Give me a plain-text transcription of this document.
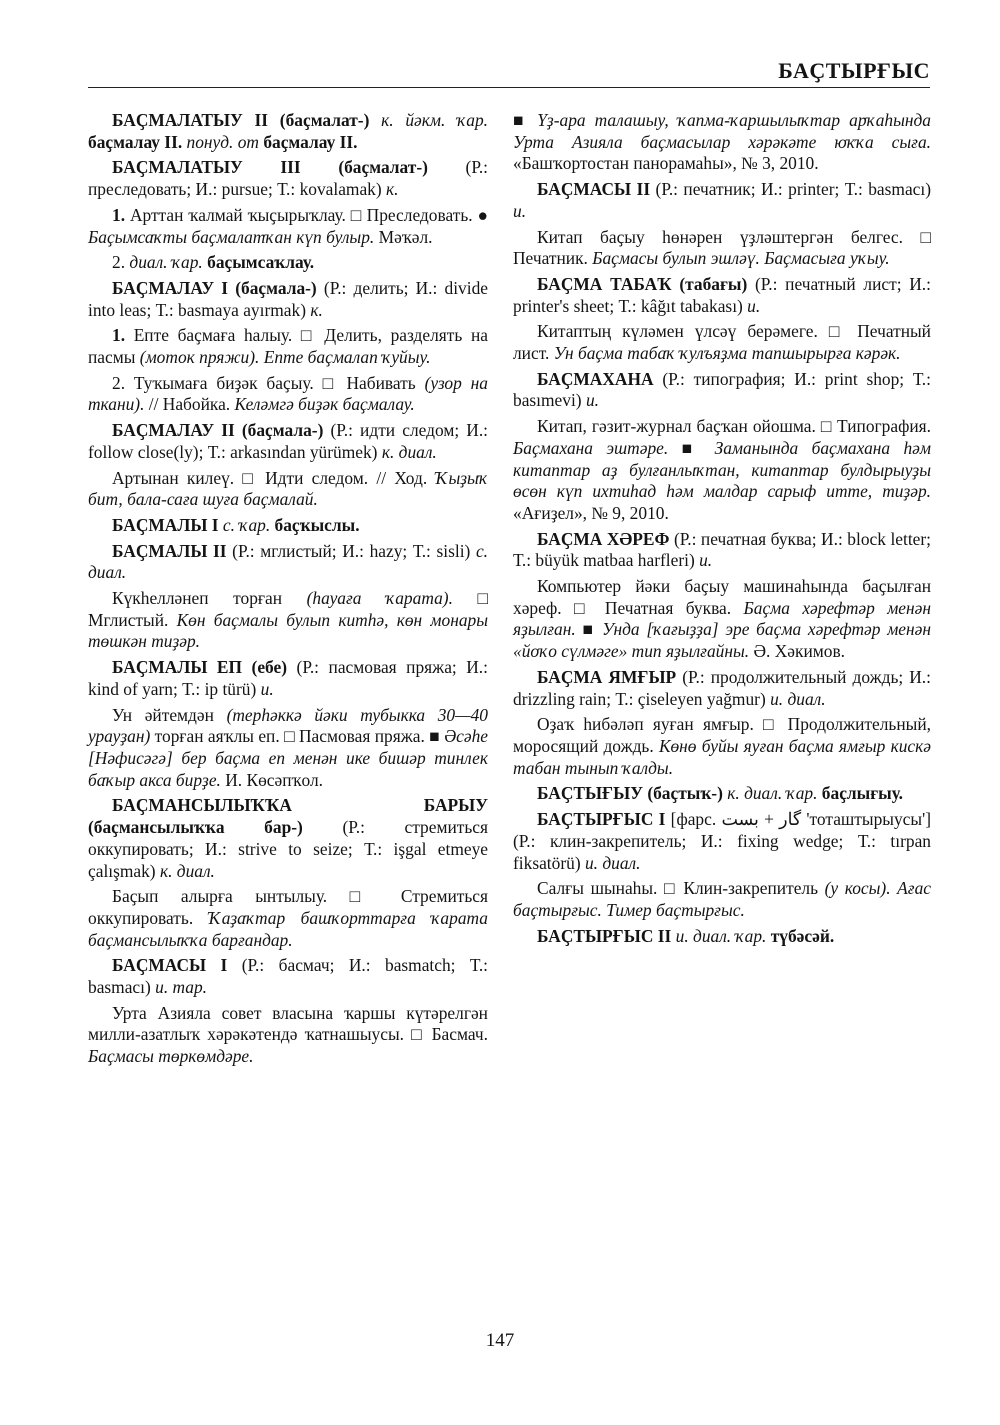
БАҪТЫРҒЫС

БАҪМАЛАТЫУ II (баҫмалат-) к. йәкм. ҡар. баҫмалау II. понуд. от баҫмалау II.

БАҪМАЛАТЫУ III (баҫмалат-) (Р.: преследовать; И.: pursue; Т.: kovalamak) к.

1. Арттан ҡалмай ҡыҫырыҡлау. □ Преследовать. ● Баҫымсаҡты баҫмалатҡан күп булыр. Мәҡәл.

2. диал. ҡар. баҫымсаҡлау.

БАҪМАЛАУ I (баҫмала-) (Р.: делить; И.: divide into leas; Т.: basmaya ayırmak) к.

1. Епте баҫмаға һалыу. □ Делить, разделять на пасмы (моток пряжи). Епте баҫмалап ҡуйыу.

2. Туҡымаға биҙәк баҫыу. □ Набивать (узор на ткани). // Набойка. Келәмгә биҙәк баҫмалау.

БАҪМАЛАУ II (баҫмала-) (Р.: идти следом; И.: follow close(ly); Т.: arkasından yürümek) к. диал.

Артынан килеү. □ Идти следом. // Ход. Ҡыҙыҡ бит, бала-саға шуға баҫмалай.

БАҪМАЛЫ I с. ҡар. баҫҡыслы.

БАҪМАЛЫ II (Р.: мглистый; И.: hazy; Т.: sisli) с. диал.

Күкһелләнеп торған (һауаға ҡарата). □ Мглистый. Көн баҫмалы булып китһә, көн монары төшкән тиҙәр.

БАҪМАЛЫ ЕП (ебе) (Р.: пасмовая пряжа; И.: kind of yarn; Т.: ip türü) и.

Ун әйтемдән (терһәккә йәки тубыкка 30—40 урауҙан) торған аяҡлы еп. □ Пасмовая пряжа. ■ Әсәһе [Нәфисәгә] бер баҫма еп менән ике бишәр тинлек баҡыр акса бирҙе. И. Көсәпҡол.

БАҪМАНСЫЛЫҠҠА БАРЫУ (баҫмансылыҡҡа бар-) (Р.: стремиться оккупировать; И.: strive to seize; Т.: işgal etmeye çalışmak) к. диал.

Баҫып алырға ынтылыу. □ Стремиться оккупировать. Ҡаҙаҡтар башҡорттарға ҡарата баҫмансылыҡҡа барғандар.

БАҪМАСЫ I (Р.: басмач; И.: basmatch; Т.: basmacı) и. тар.

Урта Азияла совет власына ҡаршы күтәрелгән милли-азатлыҡ хәрәкәтендә ҡатнашыусы. □ Басмач. Баҫмасы төркөмдәре.

■ Үҙ-ара талашыу, ҡапма-ҡаршылыҡтар арҡаһында Урта Азияла баҫмасылар хәрәкәте юҡҡа сыға. «Башҡортостан панорамаһы», № 3, 2010.

БАҪМАСЫ II (Р.: печатник; И.: printer; Т.: basmacı) и.

Китап баҫыу һөнәрен үҙләштергән белгес. □ Печатник. Баҫмасы булып эшләү. Баҫмасыға уҡыу.

БАҪМА ТАБАҠ (табағы) (Р.: печатный лист; И.: printer's sheet; Т.: kâğıt tabakası) и.

Китаптың күләмен үлсәү берәмеге. □ Печатный лист. Ун баҫма табаҡ ҡулъяҙма тапшырырға кәрәк.

БАҪМАХАНА (Р.: типография; И.: print shop; Т.: basımevi) и.

Китап, гәзит-журнал баҫҡан ойошма. □ Типография. Баҫмахана эштәре. ■ Заманында баҫмахана һәм китаптар аҙ булғанлыҡтан, китаптар булдырыуҙы өсөн күп ихтиһад һәм малдар сарыф итте, тиҙәр. «Ағиҙел», № 9, 2010.

БАҪМА ХӘРЕФ (Р.: печатная буква; И.: block letter; Т.: büyük matbaa harfleri) и.

Компьютер йәки баҫыу машинаһында баҫылған хәреф. □ Печатная буква. Баҫма хәрефтәр менән яҙылған. ■ Унда [ҡағыҙҙа] эре баҫма хәрефтәр менән «йоҡо сүлмәге» тип яҙылғайны. Ә. Хәкимов.

БАҪМА ЯМҒЫР (Р.: продолжительный дождь; И.: drizzling rain; Т.: çiseleyen yağmur) и. диал.

Оҙаҡ һибәләп яуған ямғыр. □ Продолжительный, моросящий дождь. Көнө буйы яуған баҫма ямғыр кискә табан тынып ҡалды.

БАҪТЫҒЫУ (баҫтыҡ-) к. диал. ҡар. баҫлығыу.

БАҪТЫРҒЫС I [фарс. گار + بست 'тоташтырыусы'] (Р.: клин-закрепитель; И.: fixing wedge; Т.: tırpan fiksatörü) и. диал.

Салғы шынаһы. □ Клин-закрепитель (у косы). Ағас баҫтырғыс. Тимер баҫтырғыс.

БАҪТЫРҒЫС II и. диал. ҡар. түбәсәй.

147
